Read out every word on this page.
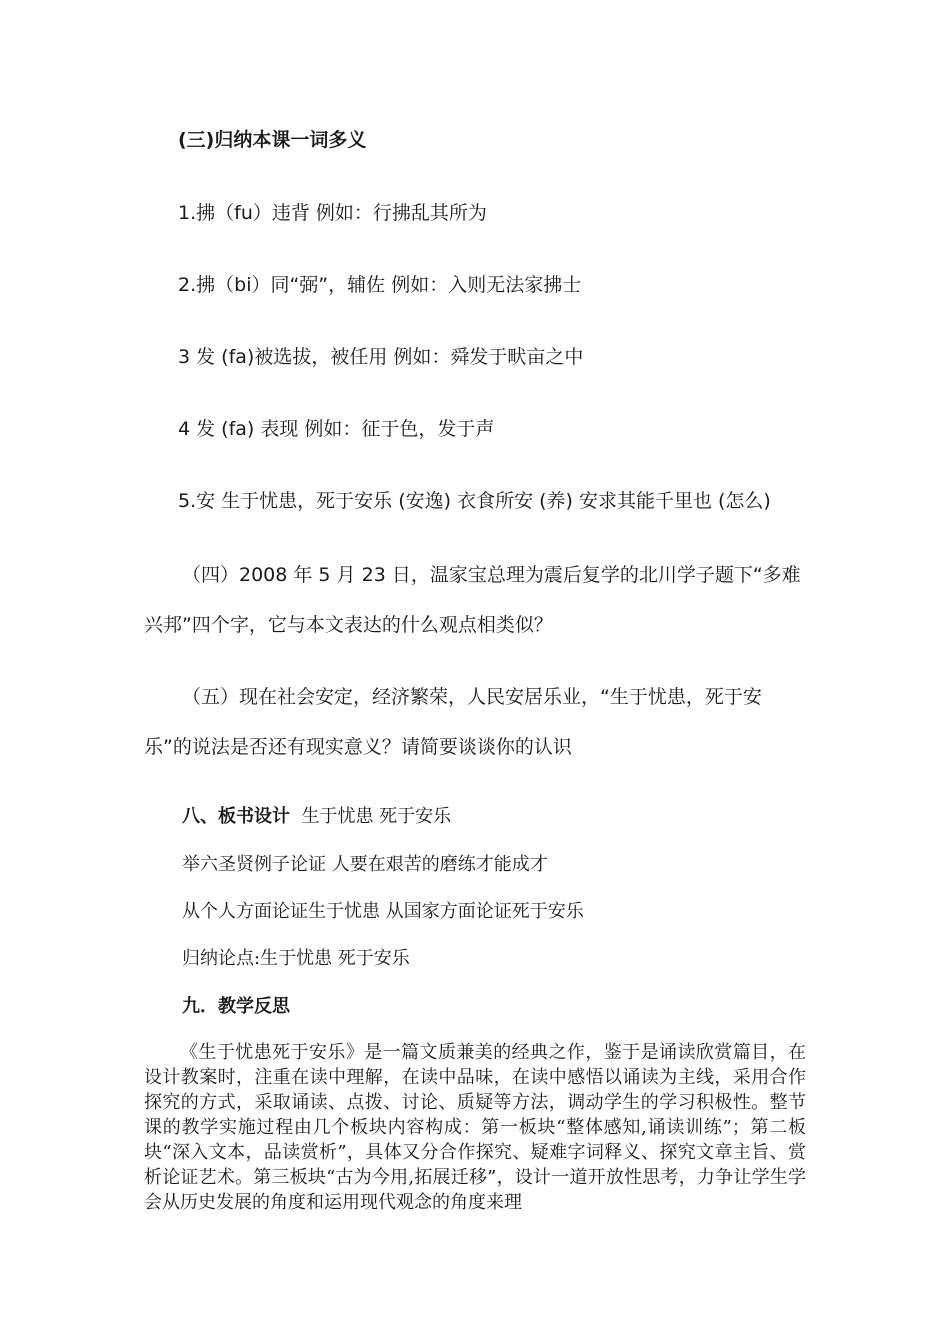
(三)归纳本课一词多义
1.拂（fu）违背 例如：行拂乱其所为
2.拂（bi）同“弼”，辅佐 例如：入则无法家拂士
3 发 (fa)被选拔，被任用 例如：舜发于畎亩之中
4 发 (fa) 表现 例如：征于色，发于声
5.安 生于忧患，死于安乐 (安逸) 衣食所安 (养) 安求其能千里也 (怎么)
（四）2008 年 5 月 23 日，温家宝总理为震后复学的北川学子题下“多难
兴邦”四个字，它与本文表达的什么观点相类似？
（五）现在社会安定，经济繁荣，人民安居乐业，“生于忧患，死于安
乐”的说法是否还有现实意义？请简要谈谈你的认识
八、板书设计 生于忧患 死于安乐
举六圣贤例子论证 人要在艰苦的磨练才能成才
从个人方面论证生于忧患 从国家方面论证死于安乐
归纳论点:生于忧患 死于安乐
九．教学反思
《生于忧患死于安乐》是一篇文质兼美的经典之作，鉴于是诵读欣赏篇目，在设计教案时，注重在读中理解，在读中品味，在读中感悟以诵读为主线，采用合作探究的方式，采取诵读、点拨、讨论、质疑等方法，调动学生的学习积极性。整节课的教学实施过程由几个板块内容构成：第一板块“整体感知,诵读训练”；第二板块“深入文本，品读赏析”，具体又分合作探究、疑难字词释义、探究文章主旨、赏析论证艺术。第三板块“古为今用,拓展迁移”，设计一道开放性思考，力争让学生学会从历史发展的角度和运用现代观念的角度来理
